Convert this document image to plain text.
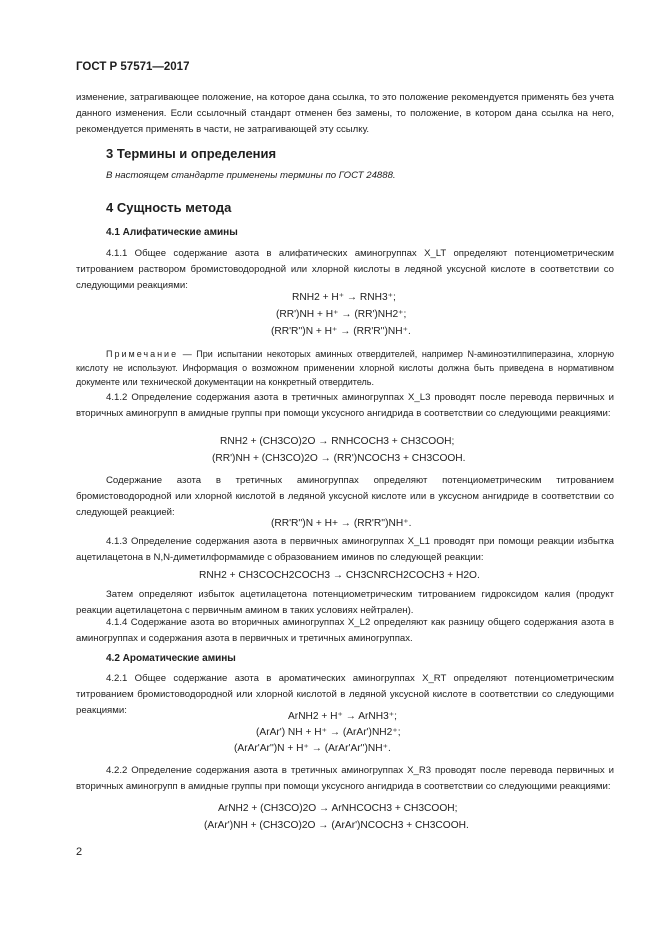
ГОСТ Р 57571—2017
изменение, затрагивающее положение, на которое дана ссылка, то это положение рекомендуется применять без учета данного изменения. Если ссылочный стандарт отменен без замены, то положение, в котором дана ссылка на него, рекомендуется применять в части, не затрагивающей эту ссылку.
3 Термины и определения
В настоящем стандарте применены термины по ГОСТ 24888.
4 Сущность метода
4.1 Алифатические амины
4.1.1 Общее содержание азота в алифатических аминогруппах X_LT определяют потенциометрическим титрованием раствором бромистоводородной или хлорной кислоты в ледяной уксусной кислоте в соответствии со следующими реакциями:
RNH2 + H⁺ → RNH3⁺;
(RR')NH + H⁺ → (RR')NH2⁺;
(RR'R'')N + H⁺ → (RR'R'')NH⁺.
Примечание — При испытании некоторых аминных отвердителей, например N-аминоэтилпиперазина, хлорную кислоту не используют. Информация о возможном применении хлорной кислоты должна быть приведена в нормативном документе или технической документации на конкретный отвердитель.
4.1.2 Определение содержания азота в третичных аминогруппах X_L3 проводят после перевода первичных и вторичных аминогрупп в амидные группы при помощи уксусного ангидрида в соответствии со следующими реакциями:
RNH2 + (CH3CO)2O → RNHCOCH3 + CH3COOH;
(RR')NH + (CH3CO)2O → (RR')NCOCH3 + CH3COOH.
Содержание азота в третичных аминогруппах определяют потенциометрическим титрованием бромистоводородной или хлорной кислотой в ледяной уксусной кислоте или в уксусном ангидриде в соответствии со следующей реакцией:
(RR'R'')N + H+ → (RR'R'')NH⁺.
4.1.3 Определение содержания азота в первичных аминогруппах X_L1 проводят при помощи реакции избытка ацетилацетона в N,N-диметилформамиде с образованием иминов по следующей реакции:
RNH2 + CH3COCH2COCH3 → CH3CNRCH2COCH3 + H2O.
Затем определяют избыток ацетилацетона потенциометрическим титрованием гидроксидом калия (продукт реакции ацетилацетона с первичным амином в таких условиях нейтрален).
4.1.4 Содержание азота во вторичных аминогруппах X_L2 определяют как разницу общего содержания азота в аминогруппах и содержания азота в первичных и третичных аминогруппах.
4.2 Ароматические амины
4.2.1 Общее содержание азота в ароматических аминогруппах X_RT определяют потенциометрическим титрованием бромистоводородной или хлорной кислотой в ледяной уксусной кислоте в соответствии со следующими реакциями:
ArNH2 + H⁺ → ArNH3⁺;
(ArAr') NH + H⁺ → (ArAr')NH2⁺;
(ArAr'Ar'')N + H⁺ → (ArAr'Ar'')NH⁺.
4.2.2 Определение содержания азота в третичных аминогруппах X_R3 проводят после перевода первичных и вторичных аминогрупп в амидные группы при помощи уксусного ангидрида в соответствии со следующими реакциями:
ArNH2 + (CH3CO)2O → ArNHCOCH3 + CH3COOH;
(ArAr')NH + (CH3CO)2O → (ArAr')NCOCH3 + CH3COOH.
2
